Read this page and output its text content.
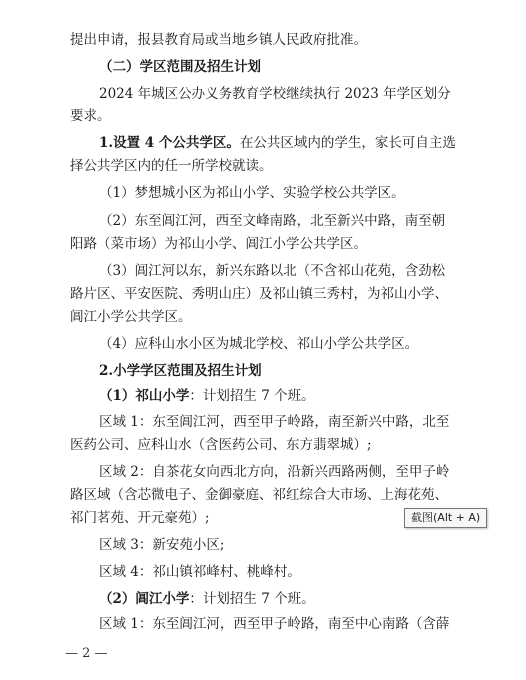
提出申请，报县教育局或当地乡镇人民政府批准。
（二）学区范围及招生计划
2024 年城区公办义务教育学校继续执行 2023 年学区划分
要求。
1.设置 4 个公共学区。在公共区域内的学生，家长可自主选
择公共学区内的任一所学校就读。
（1）梦想城小区为祁山小学、实验学校公共学区。
（2）东至阊江河，西至文峰南路，北至新兴中路，南至朝
阳路（菜市场）为祁山小学、阊江小学公共学区。
（3）阊江河以东，新兴东路以北（不含祁山花苑，含劲松
路片区、平安医院、秀明山庄）及祁山镇三秀村，为祁山小学、
阊江小学公共学区。
（4）应科山水小区为城北学校、祁山小学公共学区。
2.小学学区范围及招生计划
（1）祁山小学：计划招生 7 个班。
区域 1：东至阊江河，西至甲子岭路，南至新兴中路，北至
医药公司、应科山水（含医药公司、东方翡翠城）;
区域 2：自茶花女向西北方向，沿新兴西路两侧，至甲子岭
路区域（含芯微电子、金御豪庭、祁红综合大市场、上海花苑、
祁门茗苑、开元豪苑）;
区域 3：新安苑小区;
区域 4：祁山镇祁峰村、桃峰村。
（2）阊江小学：计划招生 7 个班。
区域 1：东至阊江河，西至甲子岭路，南至中心南路（含薛
— 2 —
截图(Alt + A)
